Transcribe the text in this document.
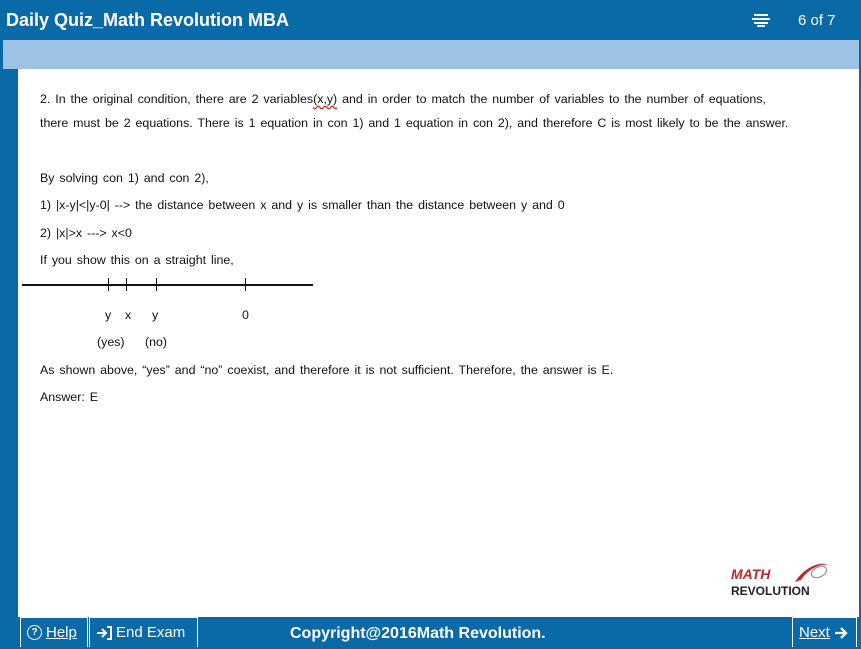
Daily Quiz_Math Revolution MBA	6 of 7
2. In the original condition, there are 2 variables(x,y) and in order to match the number of variables to the number of equations,
there must be 2 equations. There is 1 equation in con 1) and 1 equation in con 2), and therefore C is most likely to be the answer.
By solving con 1) and con 2),
1) |x-y|<|y-0| --> the distance between x and y is smaller than the distance between y and 0
2) |x|>x ---> x<0
If you show this on a straight line,
y x y	0
(yes) (no)
As shown above, “yes” and “no” coexist, and therefore it is not sufficient. Therefore, the answer is E.
Answer: E
MATH
REVOLUTION
? Help	End Exam	Copyright@2016Math Revolution.	Next
